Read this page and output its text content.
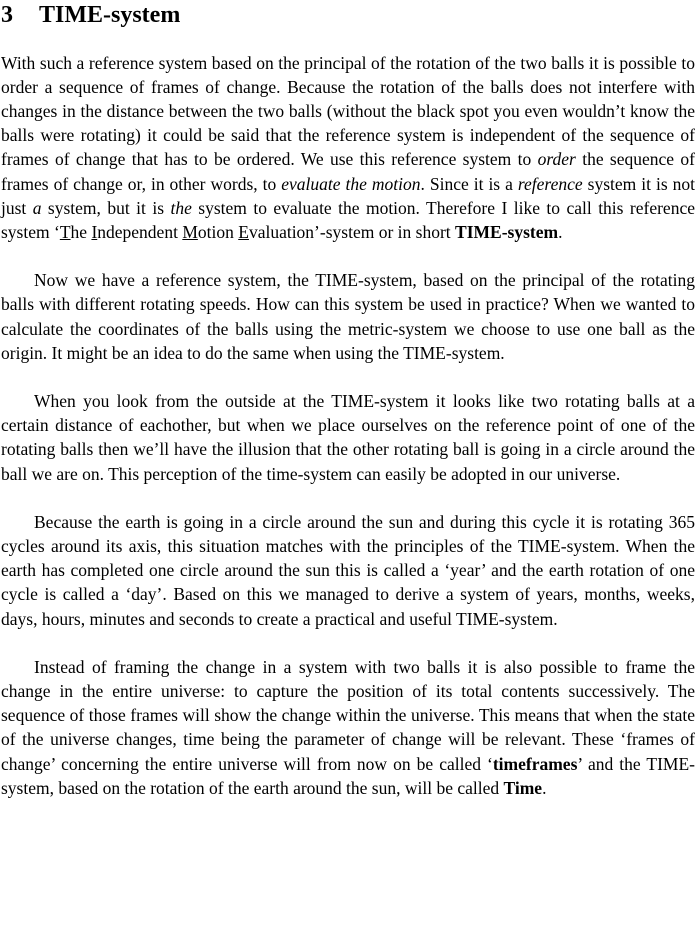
3 TIME-system

With such a reference system based on the principal of the rotation of the two balls it is possible to order a sequence of frames of change. Because the rotation of the balls does not interfere with changes in the distance between the two balls (without the black spot you even wouldn’t know the balls were rotating) it could be said that the reference system is independent of the sequence of frames of change that has to be ordered. We use this reference system to order the sequence of frames of change or, in other words, to evaluate the motion. Since it is a reference system it is not just a system, but it is the system to evaluate the motion. Therefore I like to call this reference system ‘The Independent Motion Evaluation’-system or in short TIME-system.

Now we have a reference system, the TIME-system, based on the principal of the rotating balls with different rotating speeds. How can this system be used in practice? When we wanted to calculate the coordinates of the balls using the metric-system we choose to use one ball as the origin. It might be an idea to do the same when using the TIME-system.

When you look from the outside at the TIME-system it looks like two rotating balls at a certain distance of eachother, but when we place ourselves on the reference point of one of the rotating balls then we’ll have the illusion that the other rotating ball is going in a circle around the ball we are on. This perception of the time-system can easily be adopted in our universe.

Because the earth is going in a circle around the sun and during this cycle it is rotating 365 cycles around its axis, this situation matches with the principles of the TIME-system. When the earth has completed one circle around the sun this is called a ‘year’ and the earth rotation of one cycle is called a ‘day’. Based on this we managed to derive a system of years, months, weeks, days, hours, minutes and seconds to create a practical and useful TIME-system.

Instead of framing the change in a system with two balls it is also possible to frame the change in the entire universe: to capture the position of its total contents successively. The sequence of those frames will show the change within the universe. This means that when the state of the universe changes, time being the parameter of change will be relevant. These ‘frames of change’ concerning the entire universe will from now on be called ‘timeframes’ and the TIME-system, based on the rotation of the earth around the sun, will be called Time.
